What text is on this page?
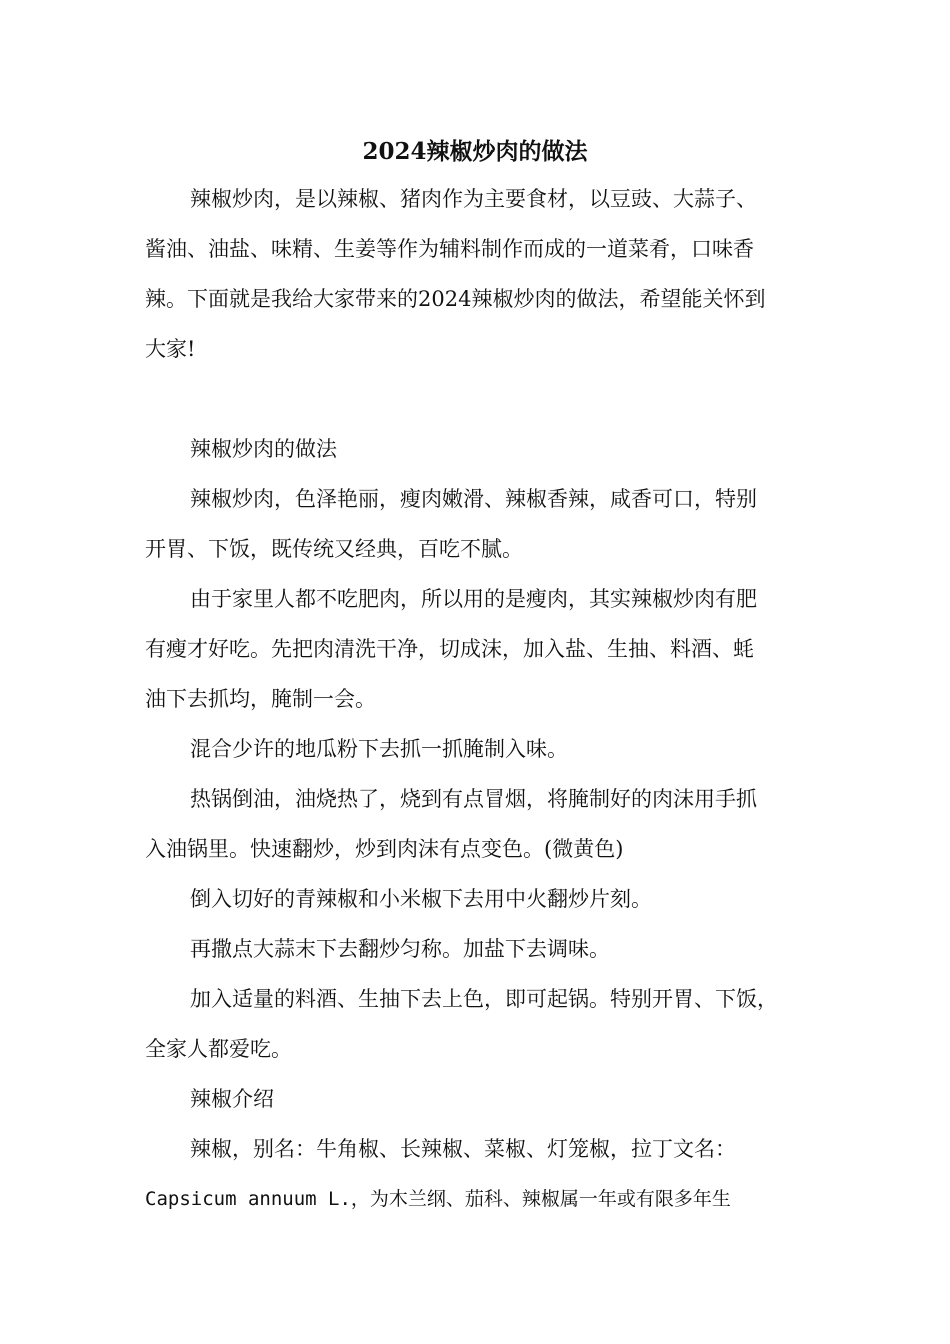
2024辣椒炒肉的做法
辣椒炒肉，是以辣椒、猪肉作为主要食材，以豆豉、大蒜子、
酱油、油盐、味精、生姜等作为辅料制作而成的一道菜肴，口味香
辣。下面就是我给大家带来的2024辣椒炒肉的做法，希望能关怀到
大家!
辣椒炒肉的做法
辣椒炒肉，色泽艳丽，瘦肉嫩滑、辣椒香辣，咸香可口，特别
开胃、下饭，既传统又经典，百吃不腻。
由于家里人都不吃肥肉，所以用的是瘦肉，其实辣椒炒肉有肥
有瘦才好吃。先把肉清洗干净，切成沫，加入盐、生抽、料酒、蚝
油下去抓均，腌制一会。
混合少许的地瓜粉下去抓一抓腌制入味。
热锅倒油，油烧热了，烧到有点冒烟，将腌制好的肉沫用手抓
入油锅里。快速翻炒，炒到肉沫有点变色。(微黄色)
倒入切好的青辣椒和小米椒下去用中火翻炒片刻。
再撒点大蒜末下去翻炒匀称。加盐下去调味。
加入适量的料酒、生抽下去上色，即可起锅。特别开胃、下饭，
全家人都爱吃。
辣椒介绍
辣椒，别名：牛角椒、长辣椒、菜椒、灯笼椒，拉丁文名：
Capsicum annuum L.，为木兰纲、茄科、辣椒属一年或有限多年生
